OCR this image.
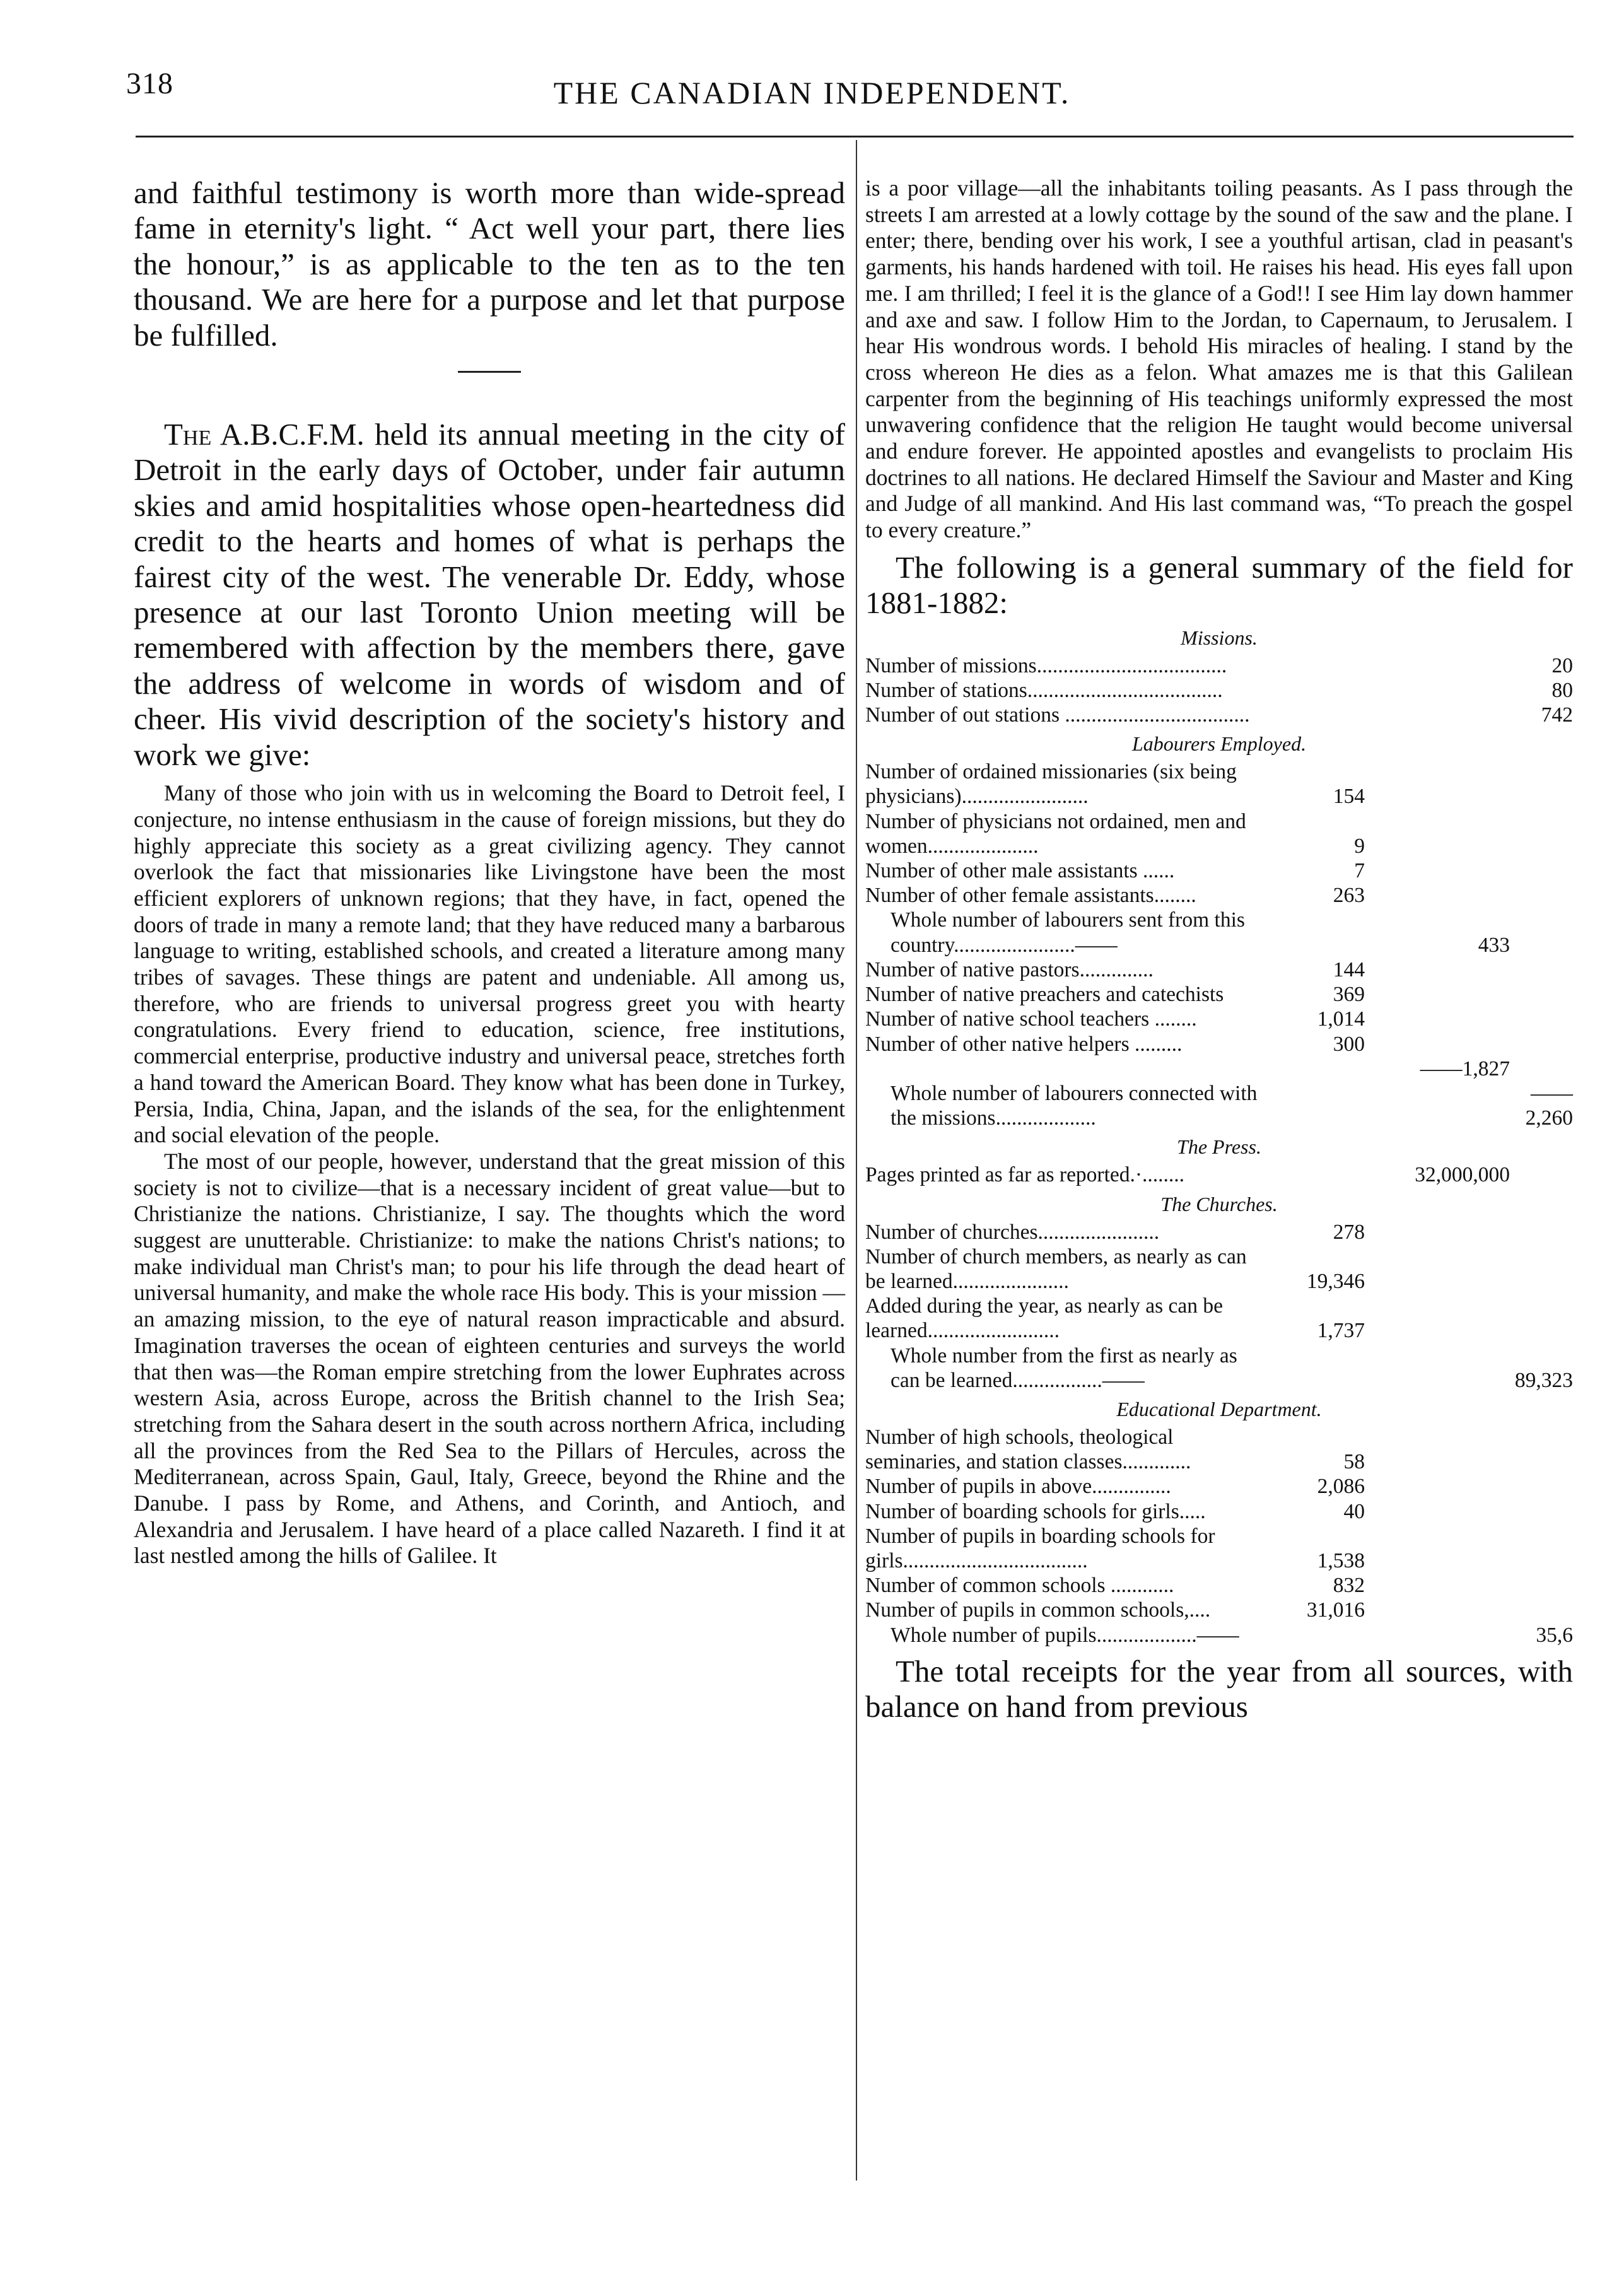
318	THE CANADIAN INDEPENDENT.

and faithful testimony is worth more than wide-spread fame in eternity's light. “ Act well your part, there lies the honour,” is as applicable to the ten as to the ten thousand. We are here for a purpose and let that purpose be fulfilled.

The A.B.C.F.M. held its annual meeting in the city of Detroit in the early days of October, under fair autumn skies and amid hospitalities whose open-heartedness did credit to the hearts and homes of what is perhaps the fairest city of the west. The venerable Dr. Eddy, whose presence at our last Toronto Union meeting will be remembered with affection by the members there, gave the address of welcome in words of wisdom and of cheer. His vivid description of the society's history and work we give:

Many of those who join with us in welcoming the Board to Detroit feel, I conjecture, no intense enthusiasm in the cause of foreign missions, but they do highly appreciate this society as a great civilizing agency. They cannot overlook the fact that missionaries like Livingstone have been the most efficient explorers of unknown regions; that they have, in fact, opened the doors of trade in many a remote land; that they have reduced many a barbarous language to writing, established schools, and created a literature among many tribes of savages. These things are patent and undeniable. All among us, therefore, who are friends to universal progress greet you with hearty congratulations. Every friend to education, science, free institutions, commercial enterprise, productive industry and universal peace, stretches forth a hand toward the American Board. They know what has been done in Turkey, Persia, India, China, Japan, and the islands of the sea, for the enlightenment and social elevation of the people.

The most of our people, however, understand that the great mission of this society is not to civilize—that is a necessary incident of great value—but to Christianize the nations. Christianize, I say. The thoughts which the word suggest are unutterable. Christianize: to make the nations Christ's nations; to make individual man Christ's man; to pour his life through the dead heart of universal humanity, and make the whole race His body. This is your mission —an amazing mission, to the eye of natural reason impracticable and absurd. Imagination traverses the ocean of eighteen centuries and surveys the world that then was—the Roman empire stretching from the lower Euphrates across western Asia, across Europe, across the British channel to the Irish Sea; stretching from the Sahara desert in the south across northern Africa, including all the provinces from the Red Sea to the Pillars of Hercules, across the Mediterranean, across Spain, Gaul, Italy, Greece, beyond the Rhine and the Danube. I pass by Rome, and Athens, and Corinth, and Antioch, and Alexandria and Jerusalem. I have heard of a place called Nazareth. I find it at last nestled among the hills of Galilee. It

is a poor village—all the inhabitants toiling peasants. As I pass through the streets I am arrested at a lowly cottage by the sound of the saw and the plane. I enter; there, bending over his work, I see a youthful artisan, clad in peasant's garments, his hands hardened with toil. He raises his head. His eyes fall upon me. I am thrilled; I feel it is the glance of a God!! I see Him lay down hammer and axe and saw. I follow Him to the Jordan, to Capernaum, to Jerusalem. I hear His wondrous words. I behold His miracles of healing. I stand by the cross whereon He dies as a felon. What amazes me is that this Galilean carpenter from the beginning of His teachings uniformly expressed the most unwavering confidence that the religion He taught would become universal and endure forever. He appointed apostles and evangelists to proclaim His doctrines to all nations. He declared Himself the Saviour and Master and King and Judge of all mankind. And His last command was, “To preach the gospel to every creature.”

The following is a general summary of the field for 1881-1882:

Missions.
Number of missions....................................	20
Number of stations.....................................	80
Number of out stations ...................................	742
Labourers Employed.
Number of ordained missionaries (six being physicians)........................	154		
Number of physicians not ordained, men and women.....................	9		
Number of other male assistants ......	7		
Number of other female assistants........	263		
Whole number of labourers sent from this country.......................——		433	
Number of native pastors..............	144		
Number of native preachers and catechists	369		
Number of native school teachers ........	1,014		
Number of other native helpers .........	300		
		——1,827	
Whole number of labourers connected with the missions...................			——2,260
The Press.
Pages printed as far as reported.·........		32,000,000	
The Churches.
Number of churches.......................	278		
Number of church members, as nearly as can be learned......................	19,346		
Added during the year, as nearly as can be learned.........................	1,737		
Whole number from the first as nearly as can be learned.................——			89,323
Educational Department.
Number of high schools, theological seminaries, and station classes.............	58		
Number of pupils in above...............	2,086		
Number of boarding schools for girls.....	40		
Number of pupils in boarding schools for girls...................................	1,538		
Number of common schools ............	832		
Number of pupils in common schools,....	31,016		
Whole number of pupils...................——			35,6

The total receipts for the year from all sources, with balance on hand from previous
